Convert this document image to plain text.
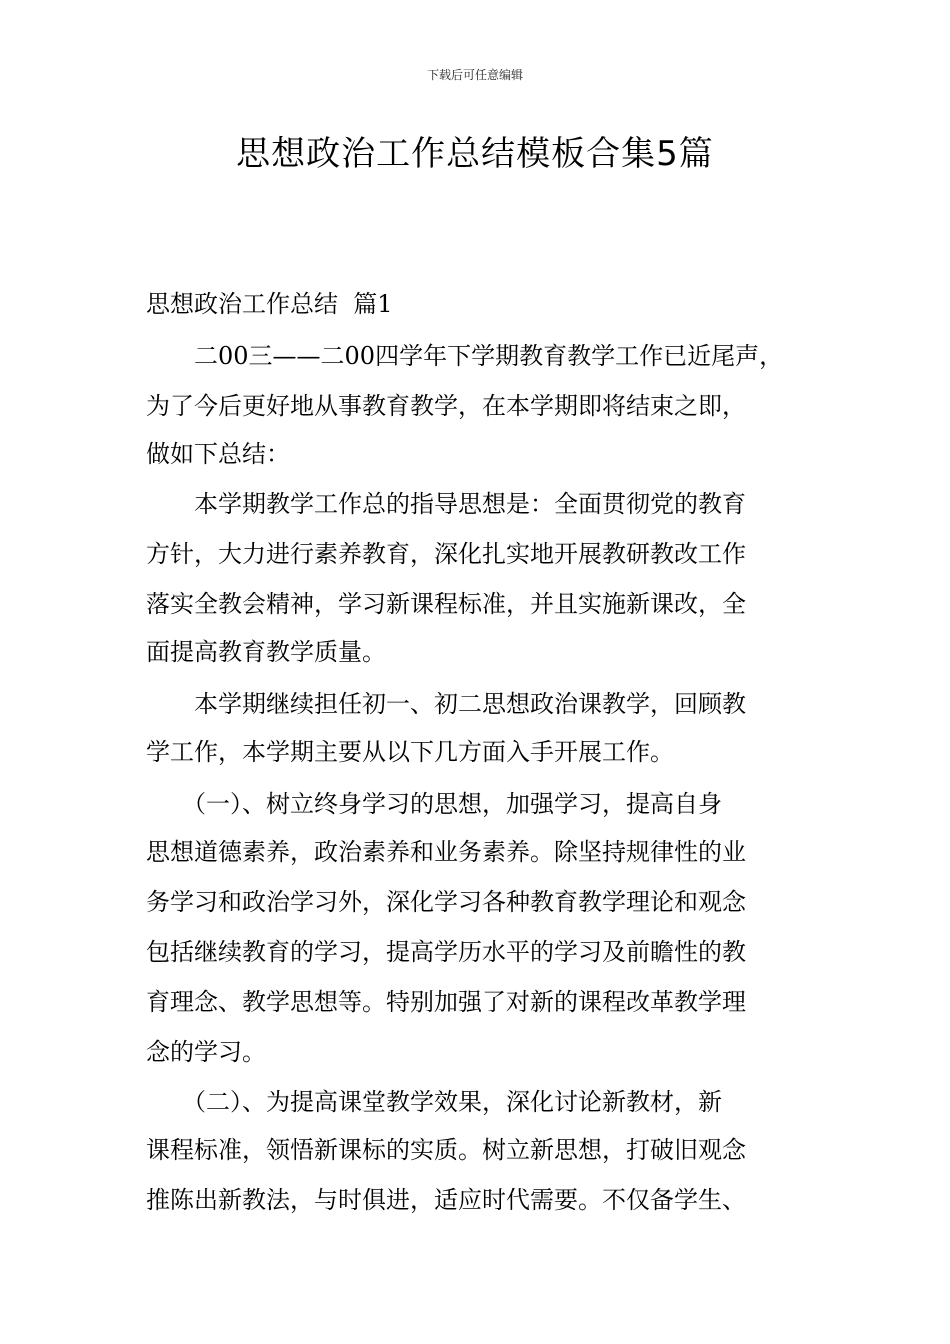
下载后可任意编辑
思想政治工作总结模板合集5篇
思想政治工作总结  篇1

　　二00三——二00四学年下学期教育教学工作已近尾声，

为了今后更好地从事教育教学，在本学期即将结束之即，

做如下总结：

　　本学期教学工作总的指导思想是：全面贯彻党的教育

方针，大力进行素养教育，深化扎实地开展教研教改工作

落实全教会精神，学习新课程标准，并且实施新课改，全

面提高教育教学质量。

　　本学期继续担任初一、初二思想政治课教学，回顾教

学工作，本学期主要从以下几方面入手开展工作。

　　（一）、树立终身学习的思想，加强学习，提高自身

思想道德素养，政治素养和业务素养。除坚持规律性的业

务学习和政治学习外，深化学习各种教育教学理论和观念

包括继续教育的学习，提高学历水平的学习及前瞻性的教

育理念、教学思想等。特别加强了对新的课程改革教学理

念的学习。

　　（二）、为提高课堂教学效果，深化讨论新教材，新

课程标准，领悟新课标的实质。树立新思想，打破旧观念

推陈出新教法，与时俱进，适应时代需要。不仅备学生、
